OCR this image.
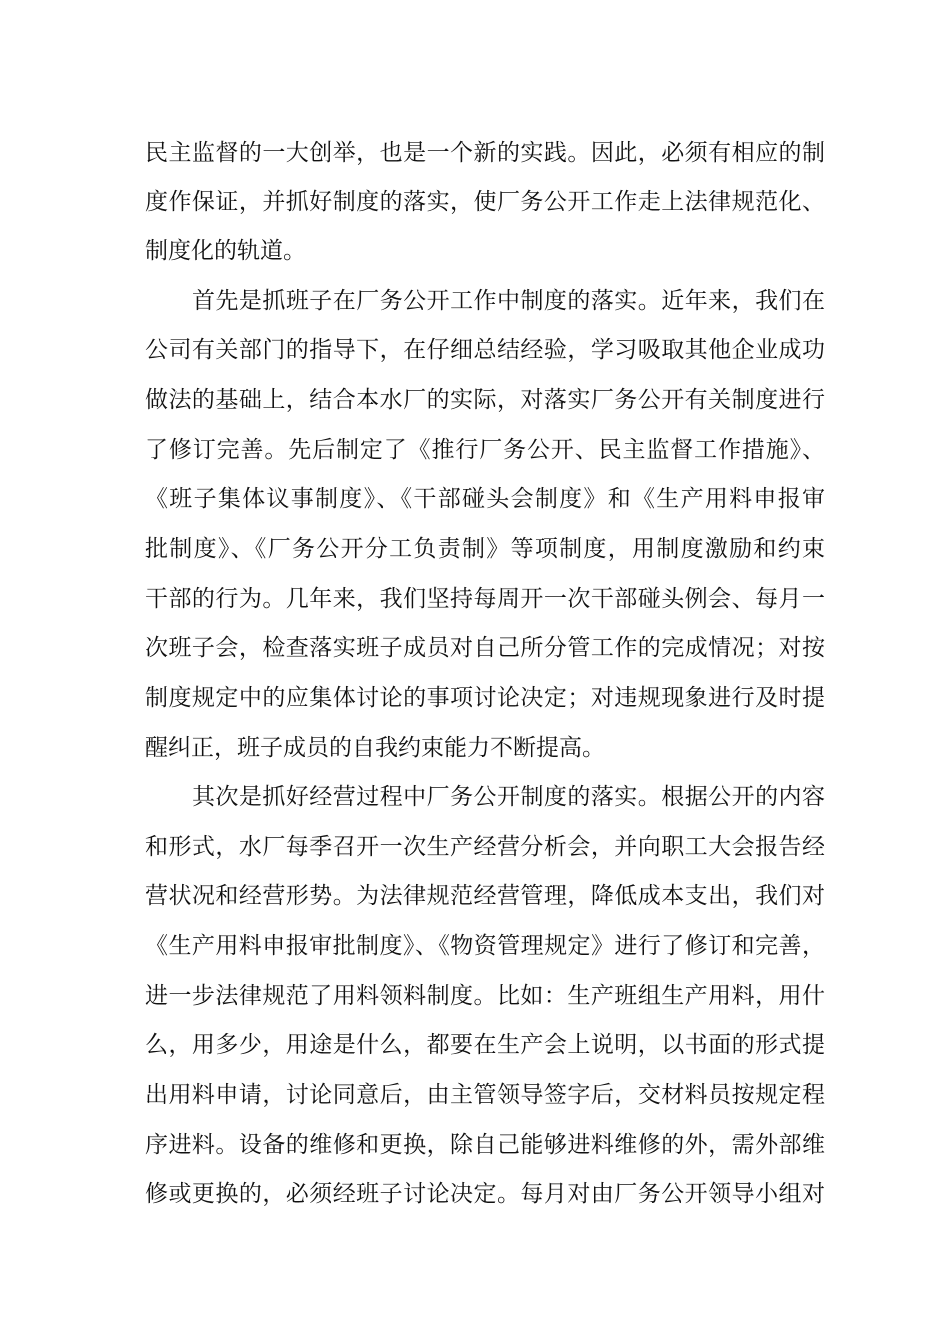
民主监督的一大创举，也是一个新的实践。因此，必须有相应的制
度作保证，并抓好制度的落实，使厂务公开工作走上法律规范化、
制度化的轨道。
首先是抓班子在厂务公开工作中制度的落实。近年来，我们在
公司有关部门的指导下，在仔细总结经验，学习吸取其他企业成功
做法的基础上，结合本水厂的实际，对落实厂务公开有关制度进行
了修订完善。先后制定了《推行厂务公开、民主监督工作措施》、
《班子集体议事制度》、《干部碰头会制度》和《生产用料申报审
批制度》、《厂务公开分工负责制》等项制度，用制度激励和约束
干部的行为。几年来，我们坚持每周开一次干部碰头例会、每月一
次班子会，检查落实班子成员对自己所分管工作的完成情况；对按
制度规定中的应集体讨论的事项讨论决定；对违规现象进行及时提
醒纠正，班子成员的自我约束能力不断提高。
其次是抓好经营过程中厂务公开制度的落实。根据公开的内容
和形式，水厂每季召开一次生产经营分析会，并向职工大会报告经
营状况和经营形势。为法律规范经营管理，降低成本支出，我们对
《生产用料申报审批制度》、《物资管理规定》进行了修订和完善，
进一步法律规范了用料领料制度。比如：生产班组生产用料，用什
么，用多少，用途是什么，都要在生产会上说明，以书面的形式提
出用料申请，讨论同意后，由主管领导签字后，交材料员按规定程
序进料。设备的维修和更换，除自己能够进料维修的外，需外部维
修或更换的，必须经班子讨论决定。每月对由厂务公开领导小组对
